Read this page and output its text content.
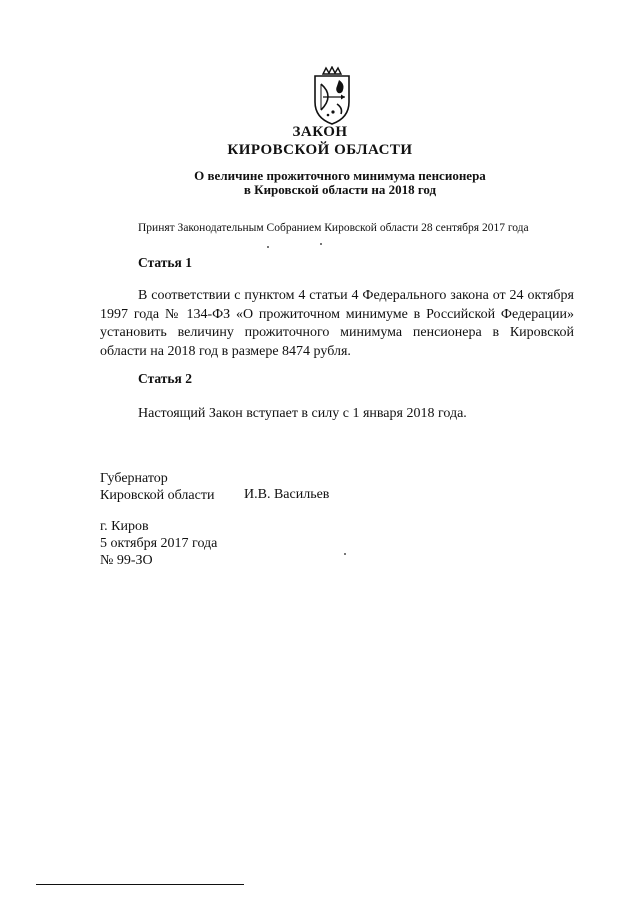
ЗАКОН
КИРОВСКОЙ ОБЛАСТИ
О величине прожиточного минимума пенсионера
в Кировской области на 2018 год
Принят Законодательным Собранием Кировской области 28 сентября 2017 года
Статья 1
В соответствии с пунктом 4 статьи 4 Федерального закона от 24 октября 1997 года № 134-ФЗ «О прожиточном минимуме в Российской Федерации» установить величину прожиточного минимума пенсионера в Кировской области на 2018 год в размере 8474 рубля.
Статья 2
Настоящий Закон вступает в силу с 1 января 2018 года.
Губернатор
Кировской области И.В. Васильев
г. Киров
5 октября 2017 года
№ 99-ЗО
